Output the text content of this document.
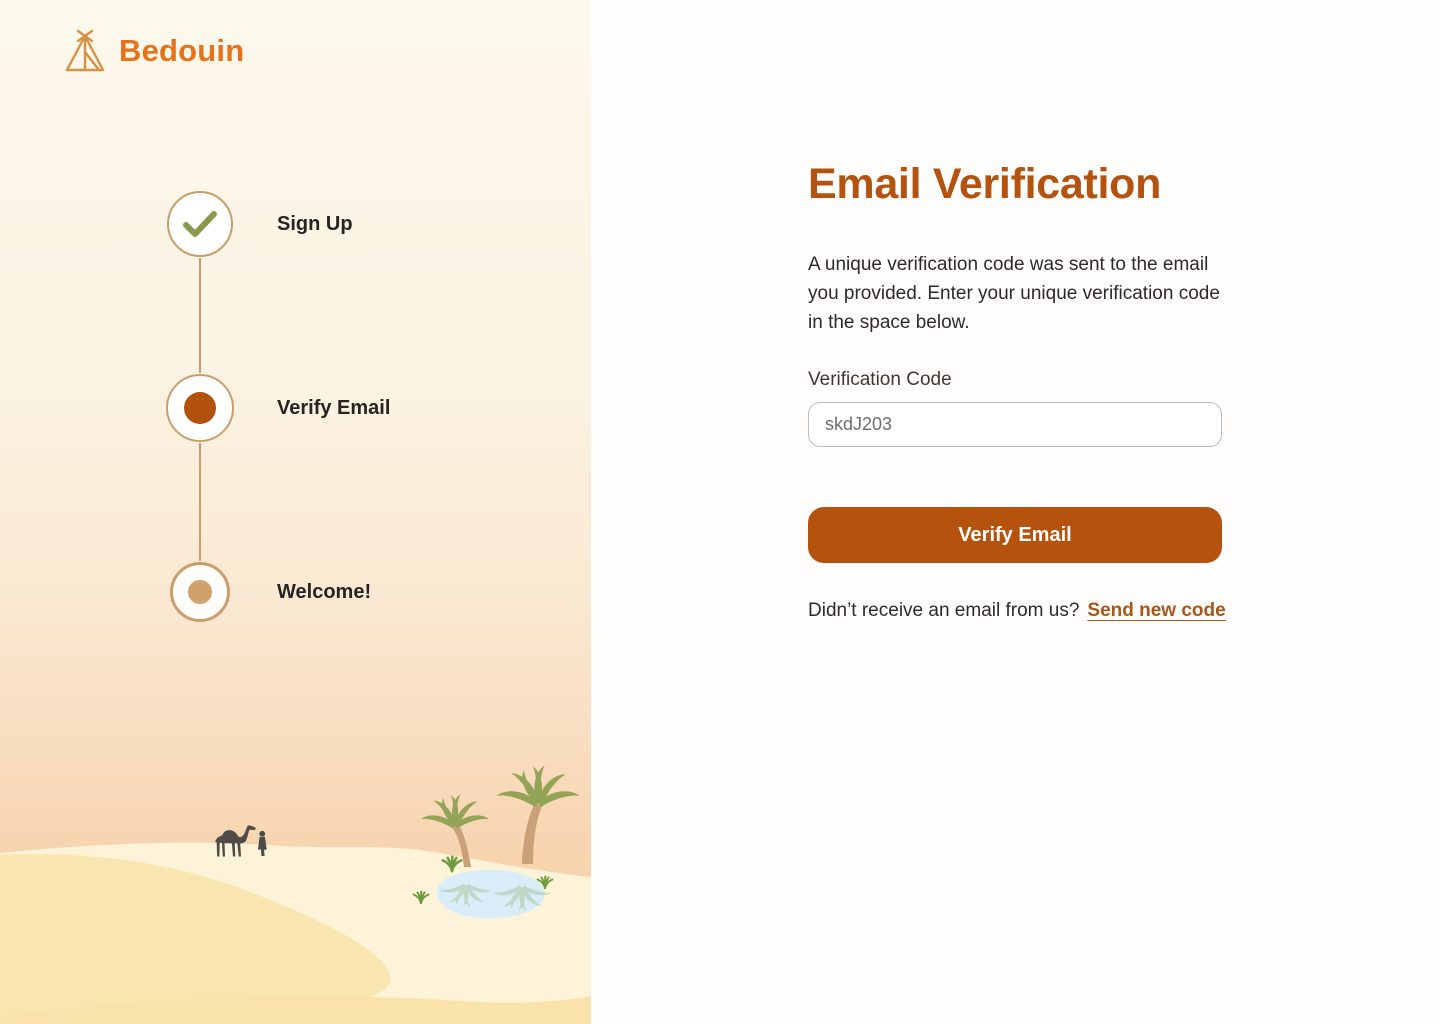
Bedouin
Sign Up
Verify Email
Welcome!
Email Verification

A unique verification code was sent to the email you provided. Enter your unique verification code in the space below.

Verification Code
skdJ203
Verify Email
Didn’t receive an email from us? Send new code
